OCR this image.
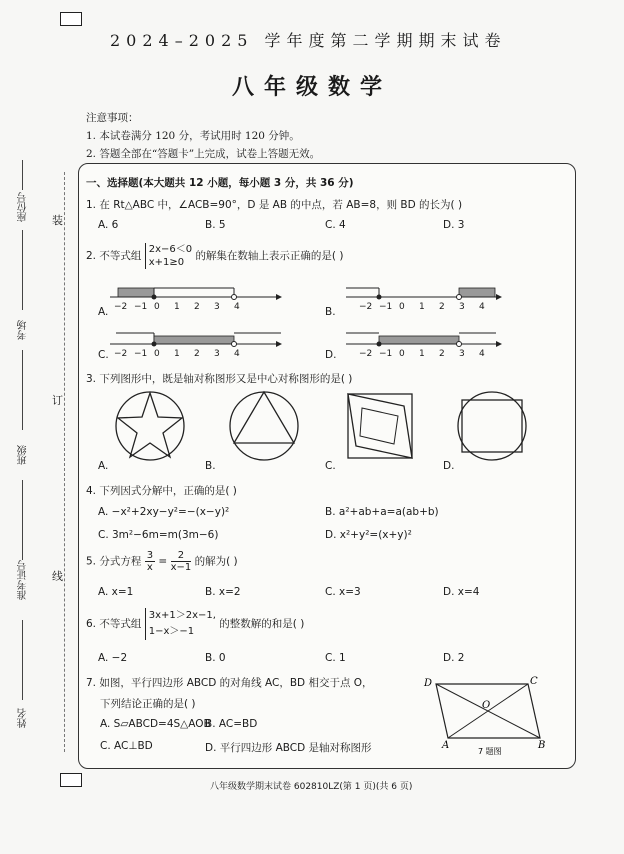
2024–2025 学年度第二学期期末试卷
八年级数学
注意事项：
1. 本试卷满分 120 分，考试用时 120 分钟。
2. 答题全部在“答题卡”上完成，试卷上答题无效。
座位号
考场
班级
准考证号
姓名
装
订
线
一、选择题(本大题共 12 小题，每小题 3 分，共 36 分)
1. 在 Rt△ABC 中，∠ACB=90°，D 是 AB 的中点，若 AB=8，则 BD 的长为( )
A. 6	B. 5	C. 4	D. 3
2. 不等式组 2x−6＜0
x+1≥0 的解集在数轴上表示正确的是( )
A.	B.
C.	D.
−2 −1 0 1 2 3 4	−2 −1 0 1 2 3 4
−2 −1 0 1 2 3 4	−2 −1 0 1 2 3 4
3. 下列图形中，既是轴对称图形又是中心对称图形的是( )
A.	B.	C.	D.
4. 下列因式分解中，正确的是( )
A. −x²+2xy−y²=−(x−y)²	B. a²+ab+a=a(ab+b)
C. 3m²−6m=m(3m−6)	D. x²+y²=(x+y)²
5. 分式方程 $\frac{3}{x} = \frac{2}{x-1}$ 的解为( )
A. x=1	B. x=2	C. x=3	D. x=4
6. 不等式组 3x+1＞2x−1,
1−x＞−1 的整数解的和是( )
A. −2	B. 0	C. 1	D. 2
7. 如图，平行四边形 ABCD 的对角线 AC，BD 相交于点 O，
下列结论正确的是( )
A. S▱ABCD=4S△AOB
B. AC=BD
C. AC⊥BD	D. 平行四边形 ABCD 是轴对称图形
D	C
O
A	B
7 题图
八年级数学期末试卷 602810LZ(第 1 页)(共 6 页)
